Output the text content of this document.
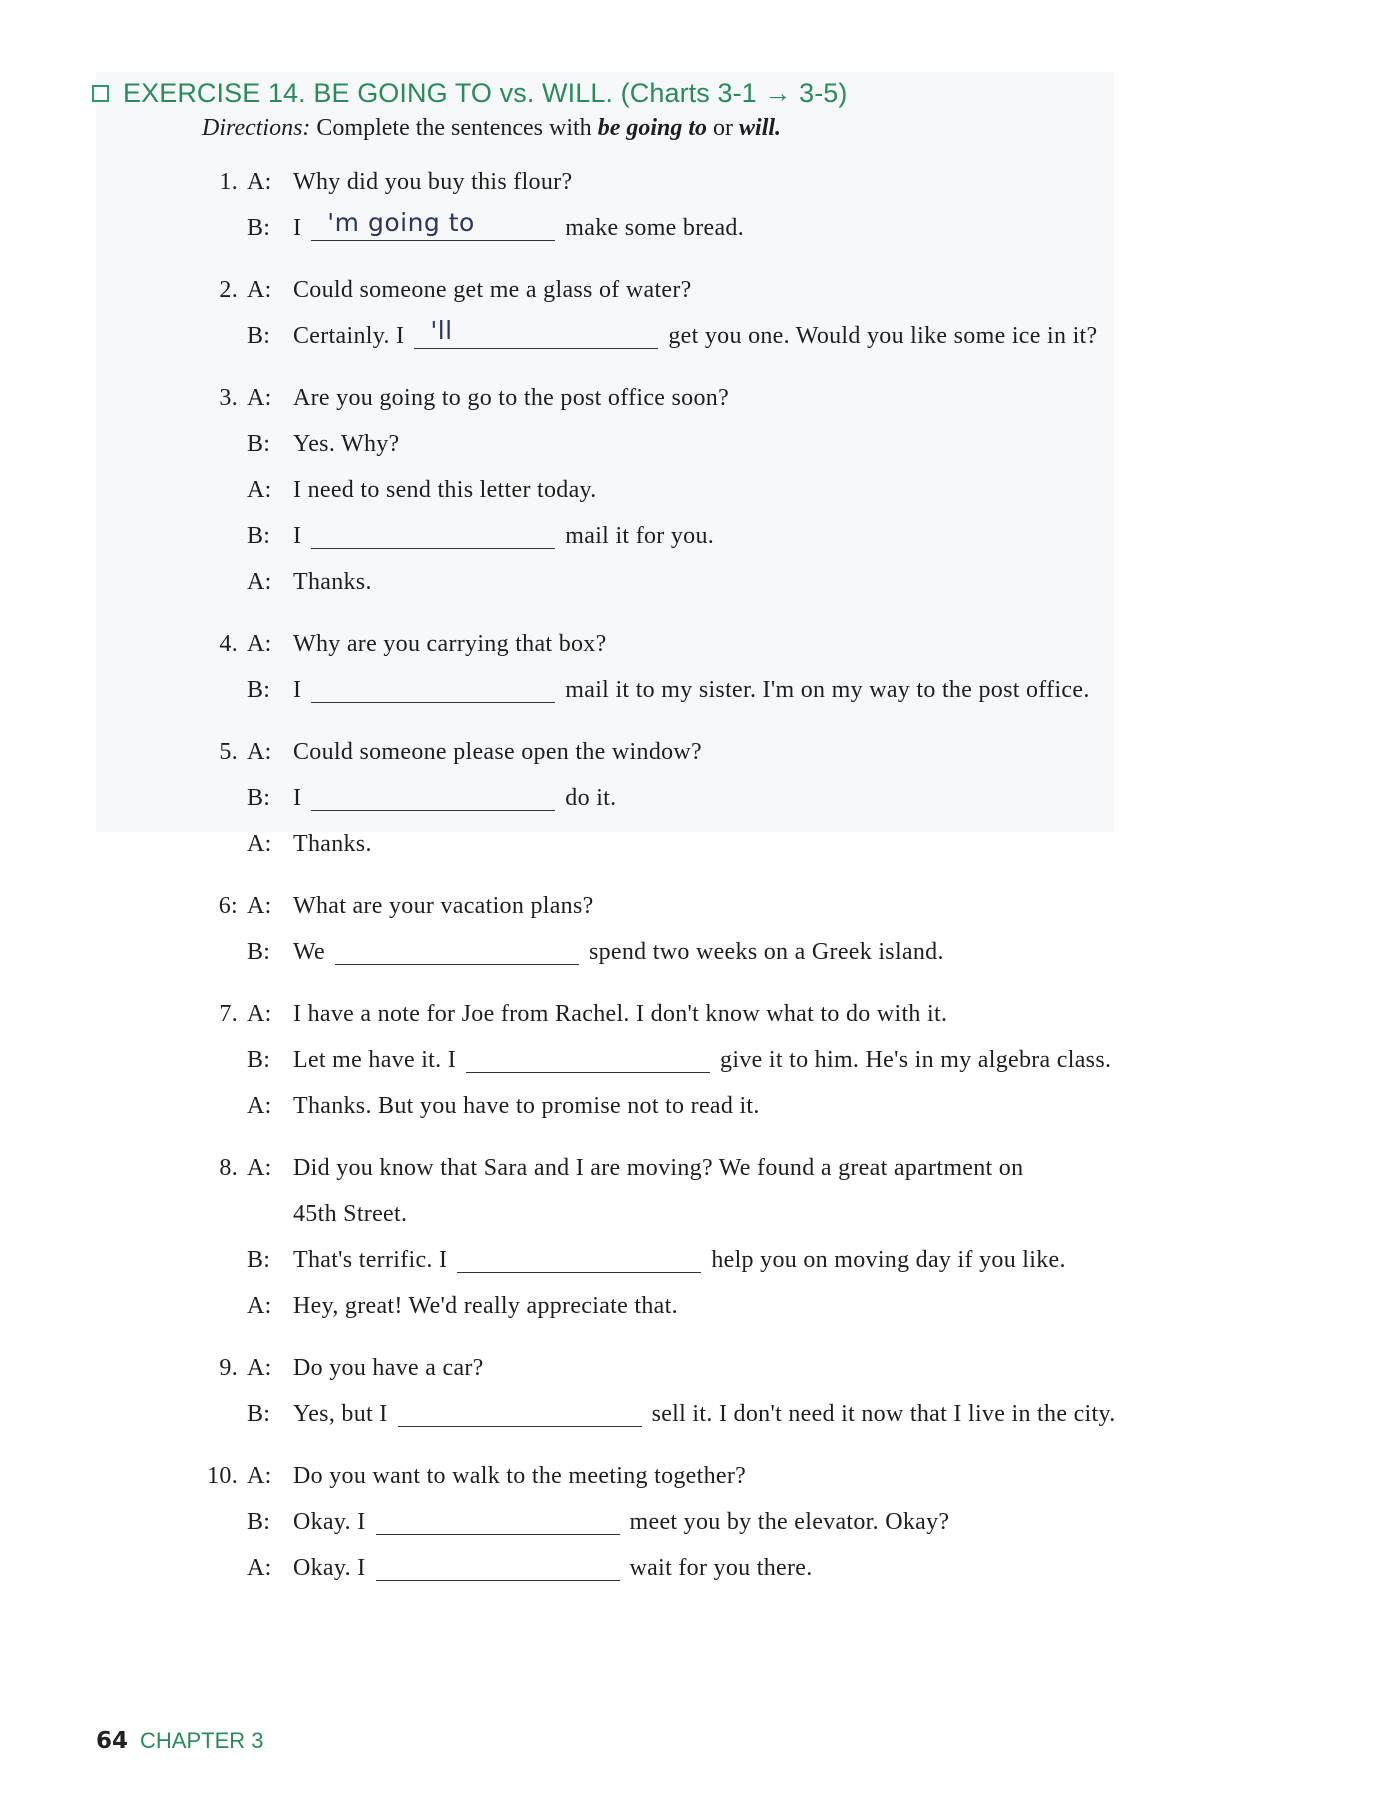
EXERCISE 14. BE GOING TO vs. WILL. (Charts 3-1 → 3-5)
Directions: Complete the sentences with be going to or will.
1. A: Why did you buy this flour?
B: I 'm going to	make some bread.
2. A: Could someone get me a glass of water?
B: Certainly. I 'll	get you one. Would you like some ice in it?
3. A: Are you going to go to the post office soon?
B: Yes. Why?
A: I need to send this letter today.
B: I	mail it for you.
A: Thanks.
4. A: Why are you carrying that box?
B: I	mail it to my sister. I'm on my way to the post office.
5. A: Could someone please open the window?
B: I	do it.
A: Thanks.
6: A: What are your vacation plans?
B: We	spend two weeks on a Greek island.
7. A: I have a note for Joe from Rachel. I don't know what to do with it.
B: Let me have it. I	give it to him. He's in my algebra class.
A: Thanks. But you have to promise not to read it.
8. A: Did you know that Sara and I are moving? We found a great apartment on
45th Street.
B: That's terrific. I	help you on moving day if you like.
A: Hey, great! We'd really appreciate that.
9. A: Do you have a car?
B: Yes, but I	sell it. I don't need it now that I live in the city.
10. A: Do you want to walk to the meeting together?
B: Okay. I	meet you by the elevator. Okay?
A: Okay. I	wait for you there.
64 CHAPTER 3
